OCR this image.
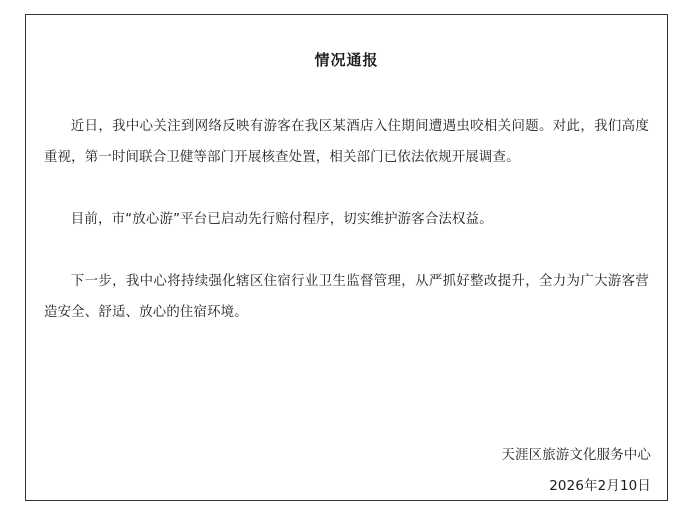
情况通报

近日，我中心关注到网络反映有游客在我区某酒店入住期间遭遇虫咬相关问题。对此，我们高度重视，第一时间联合卫健等部门开展核查处置，相关部门已依法依规开展调查。

目前，市“放心游”平台已启动先行赔付程序，切实维护游客合法权益。

下一步，我中心将持续强化辖区住宿行业卫生监督管理，从严抓好整改提升，全力为广大游客营造安全、舒适、放心的住宿环境。

天涯区旅游文化服务中心
2026年2月10日
